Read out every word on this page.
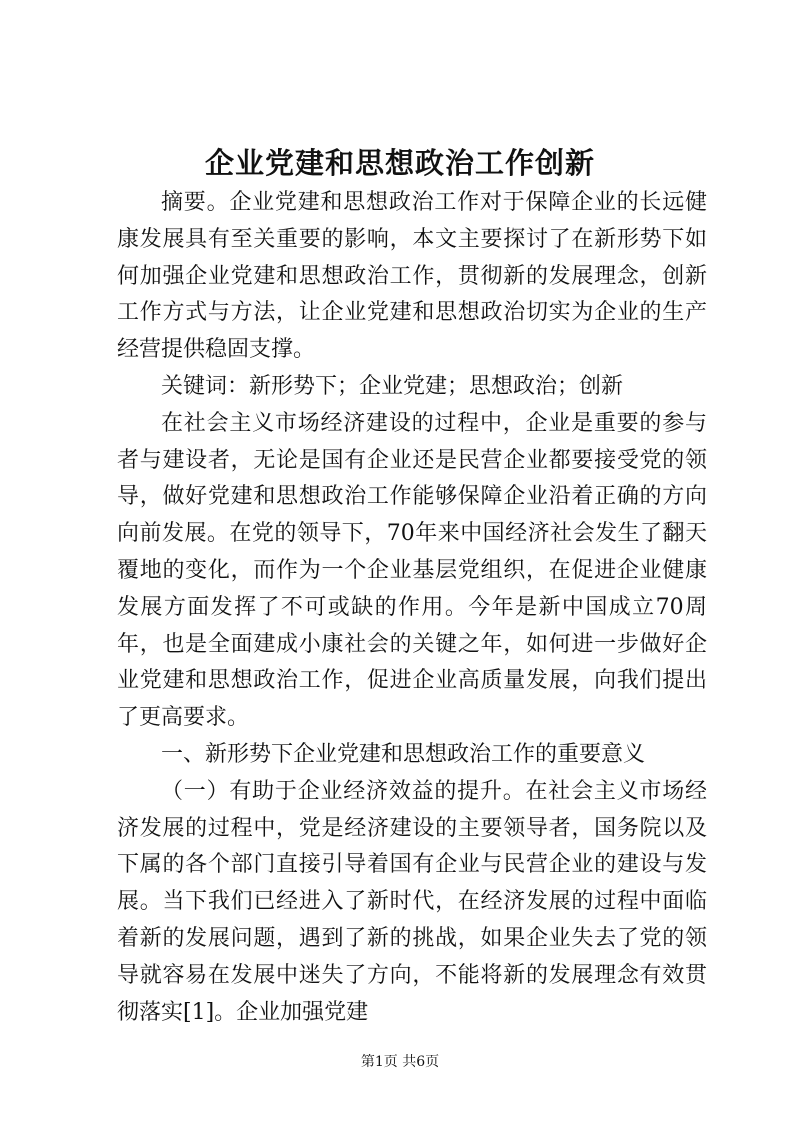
企业党建和思想政治工作创新

摘要。企业党建和思想政治工作对于保障企业的长远健康发展具有至关重要的影响，本文主要探讨了在新形势下如何加强企业党建和思想政治工作，贯彻新的发展理念，创新工作方式与方法，让企业党建和思想政治切实为企业的生产经营提供稳固支撑。

关键词：新形势下；企业党建；思想政治；创新

在社会主义市场经济建设的过程中，企业是重要的参与者与建设者，无论是国有企业还是民营企业都要接受党的领导，做好党建和思想政治工作能够保障企业沿着正确的方向向前发展。在党的领导下，70年来中国经济社会发生了翻天覆地的变化，而作为一个企业基层党组织，在促进企业健康发展方面发挥了不可或缺的作用。今年是新中国成立70周年，也是全面建成小康社会的关键之年，如何进一步做好企业党建和思想政治工作，促进企业高质量发展，向我们提出了更高要求。

一、新形势下企业党建和思想政治工作的重要意义

（一）有助于企业经济效益的提升。在社会主义市场经济发展的过程中，党是经济建设的主要领导者，国务院以及下属的各个部门直接引导着国有企业与民营企业的建设与发展。当下我们已经进入了新时代，在经济发展的过程中面临着新的发展问题，遇到了新的挑战，如果企业失去了党的领导就容易在发展中迷失了方向，不能将新的发展理念有效贯彻落实[1]。企业加强党建

第1页 共6页
